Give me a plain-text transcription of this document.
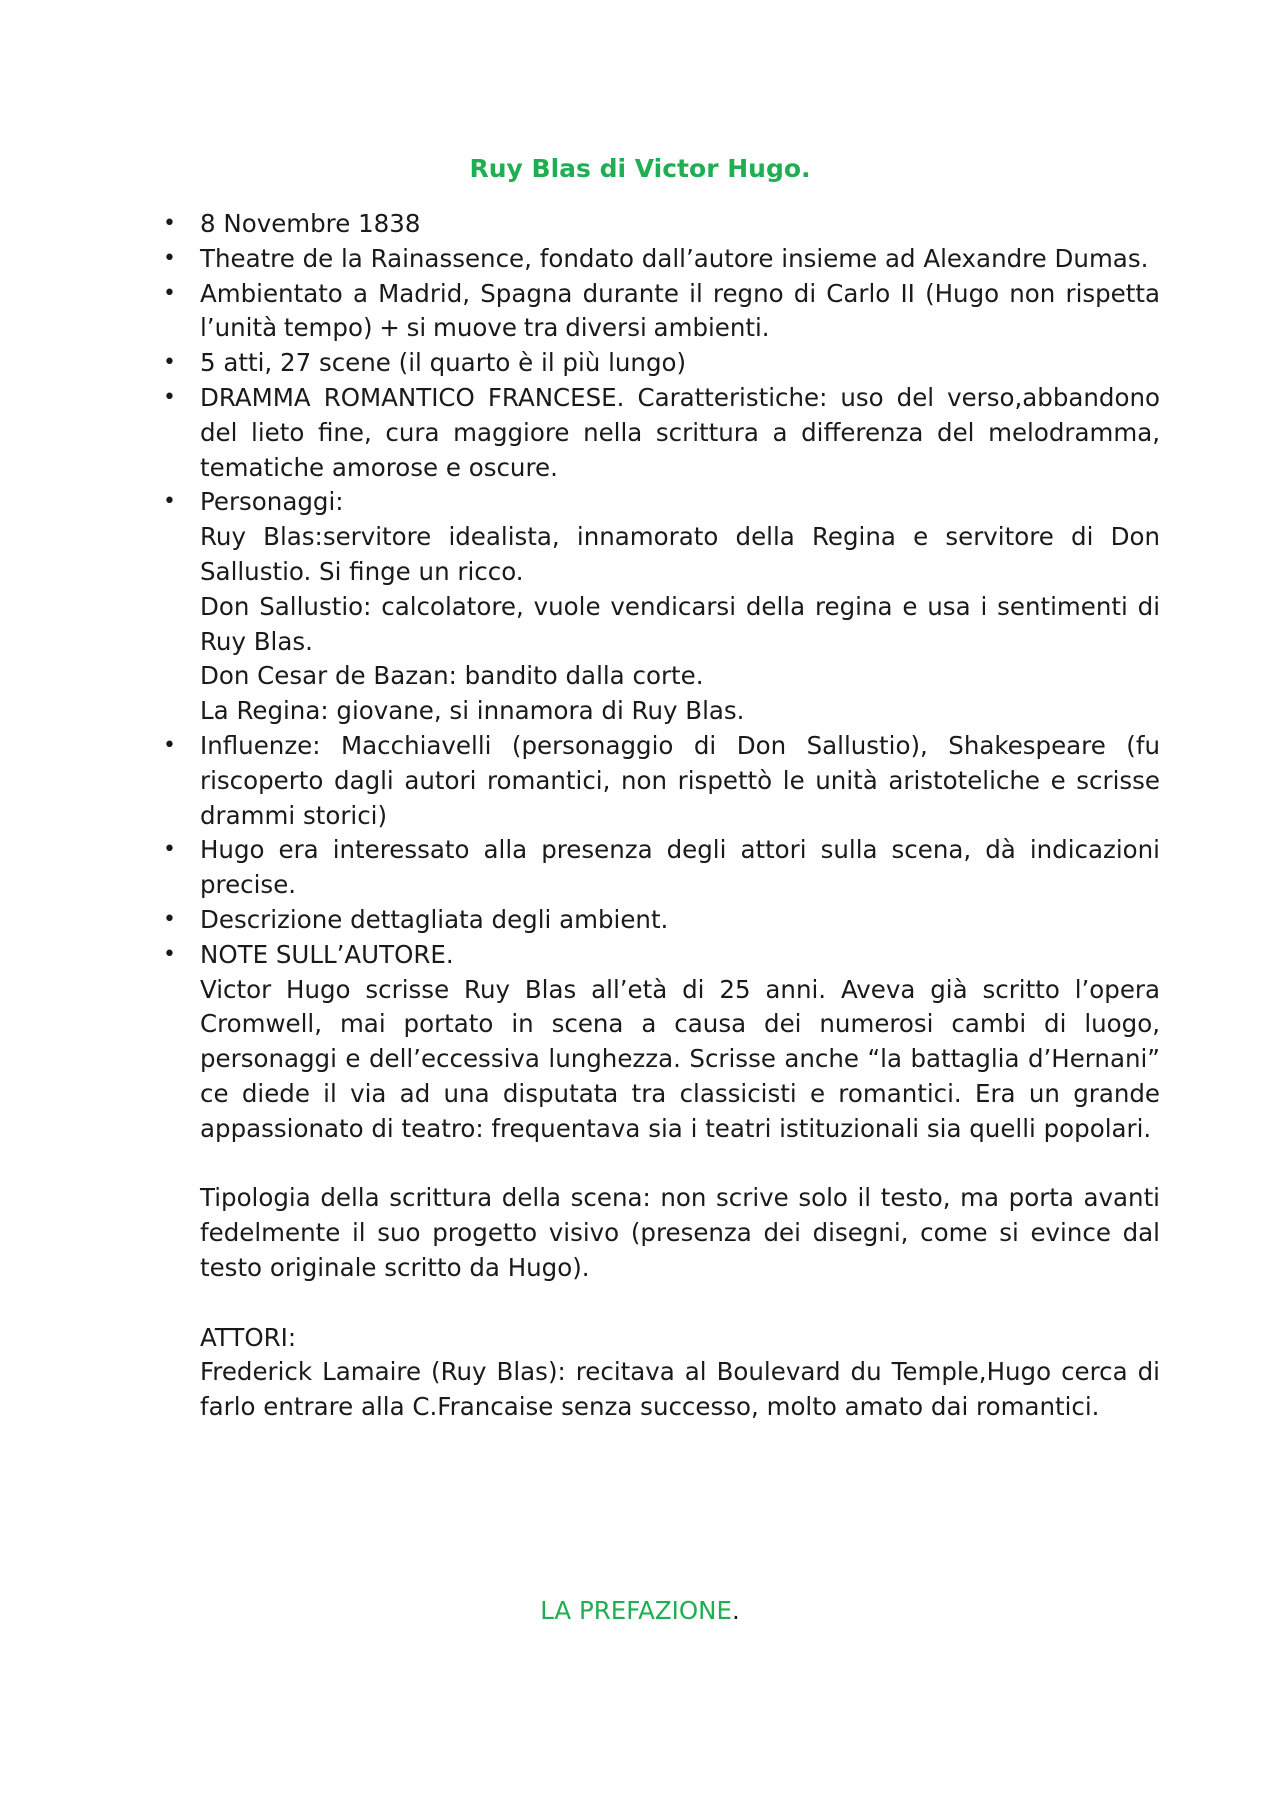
Ruy Blas di Victor Hugo.

• 8 Novembre 1838

• Theatre de la Rainassence, fondato dall’autore insieme ad Alexandre Dumas.

• Ambientato a Madrid, Spagna durante il regno di Carlo II (Hugo non rispetta l’unità tempo) + si muove tra diversi ambienti.

• 5 atti, 27 scene (il quarto è il più lungo)

• DRAMMA ROMANTICO FRANCESE. Caratteristiche: uso del verso,abbandono del lieto fine, cura maggiore nella scrittura a differenza del melodramma, tematiche amorose e oscure.

• Personaggi:

Ruy Blas:servitore idealista, innamorato della Regina e servitore di Don Sallustio. Si finge un ricco.

Don Sallustio: calcolatore, vuole vendicarsi della regina e usa i sentimenti di Ruy Blas.

Don Cesar de Bazan: bandito dalla corte.

La Regina: giovane, si innamora di Ruy Blas.

• Influenze: Macchiavelli (personaggio di Don Sallustio), Shakespeare (fu riscoperto dagli autori romantici, non rispettò le unità aristoteliche e scrisse drammi storici)

• Hugo era interessato alla presenza degli attori sulla scena, dà indicazioni precise.

• Descrizione dettagliata degli ambient.

• NOTE SULL’AUTORE.

Victor Hugo scrisse Ruy Blas all’età di 25 anni. Aveva già scritto l’opera Cromwell, mai portato in scena a causa dei numerosi cambi di luogo, personaggi e dell’eccessiva lunghezza. Scrisse anche “la battaglia d’Hernani” ce diede il via ad una disputata tra classicisti e romantici. Era un grande appassionato di teatro: frequentava sia i teatri istituzionali sia quelli popolari.

Tipologia della scrittura della scena: non scrive solo il testo, ma porta avanti fedelmente il suo progetto visivo (presenza dei disegni, come si evince dal testo originale scritto da Hugo).

ATTORI:

Frederick Lamaire (Ruy Blas): recitava al Boulevard du Temple,Hugo cerca di farlo entrare alla C.Francaise senza successo, molto amato dai romantici.

LA PREFAZIONE.
